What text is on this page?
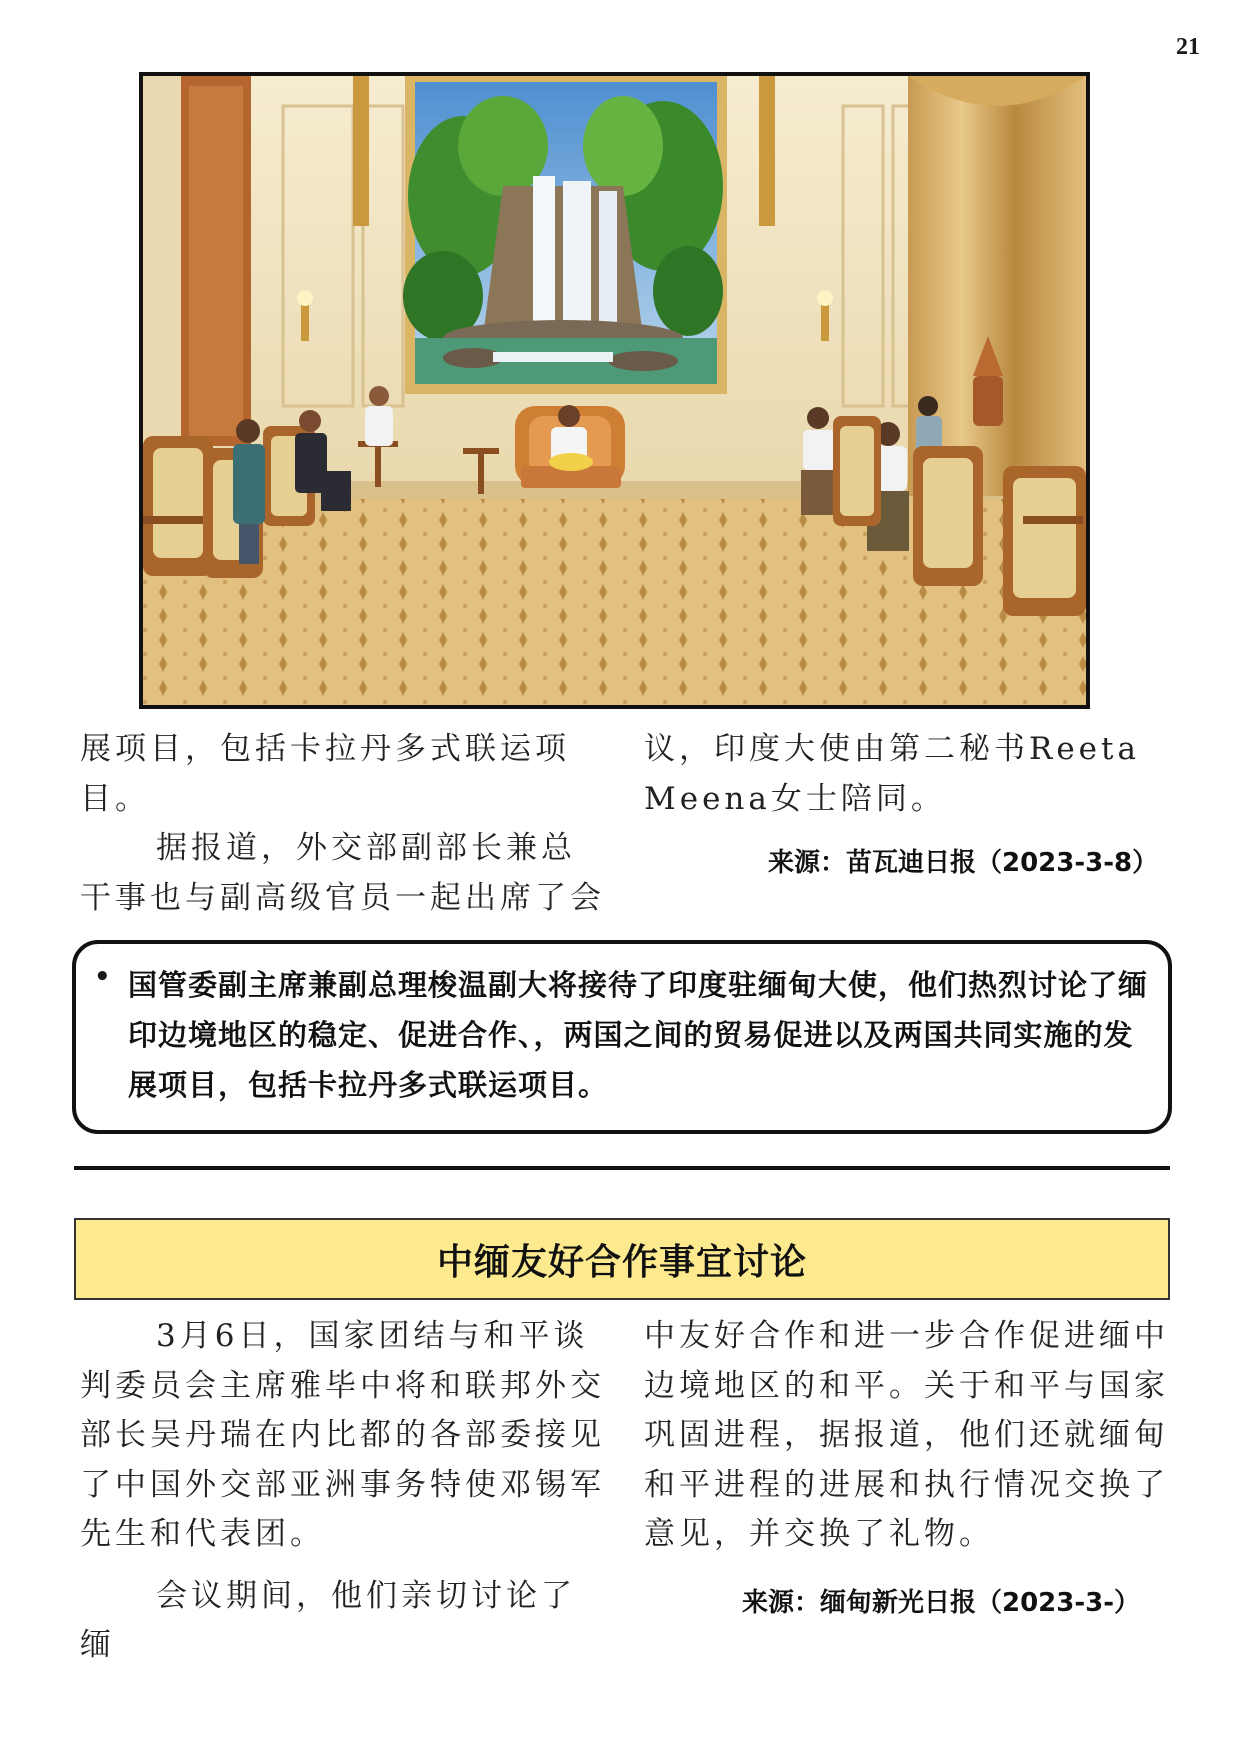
21

展项目，包括卡拉丹多式联运项目。

据报道，外交部副部长兼总干事也与副高级官员一起出席了会

议，印度大使由第二秘书Reeta Meena女士陪同。

来源：苗瓦迪日报（2023-3-8）
• 国管委副主席兼副总理梭温副大将接待了印度驻缅甸大使，他们热烈讨论了缅印边境地区的稳定、促进合作、，两国之间的贸易促进以及两国共同实施的发展项目，包括卡拉丹多式联运项目。
中缅友好合作事宜讨论

3月6日，国家团结与和平谈判委员会主席雅毕中将和联邦外交部长吴丹瑞在内比都的各部委接见了中国外交部亚洲事务特使邓锡军先生和代表团。

会议期间，他们亲切讨论了缅

中友好合作和进一步合作促进缅中边境地区的和平。关于和平与国家巩固进程，据报道，他们还就缅甸和平进程的进展和执行情况交换了意见，并交换了礼物。

来源：缅甸新光日报（2023-3-）
